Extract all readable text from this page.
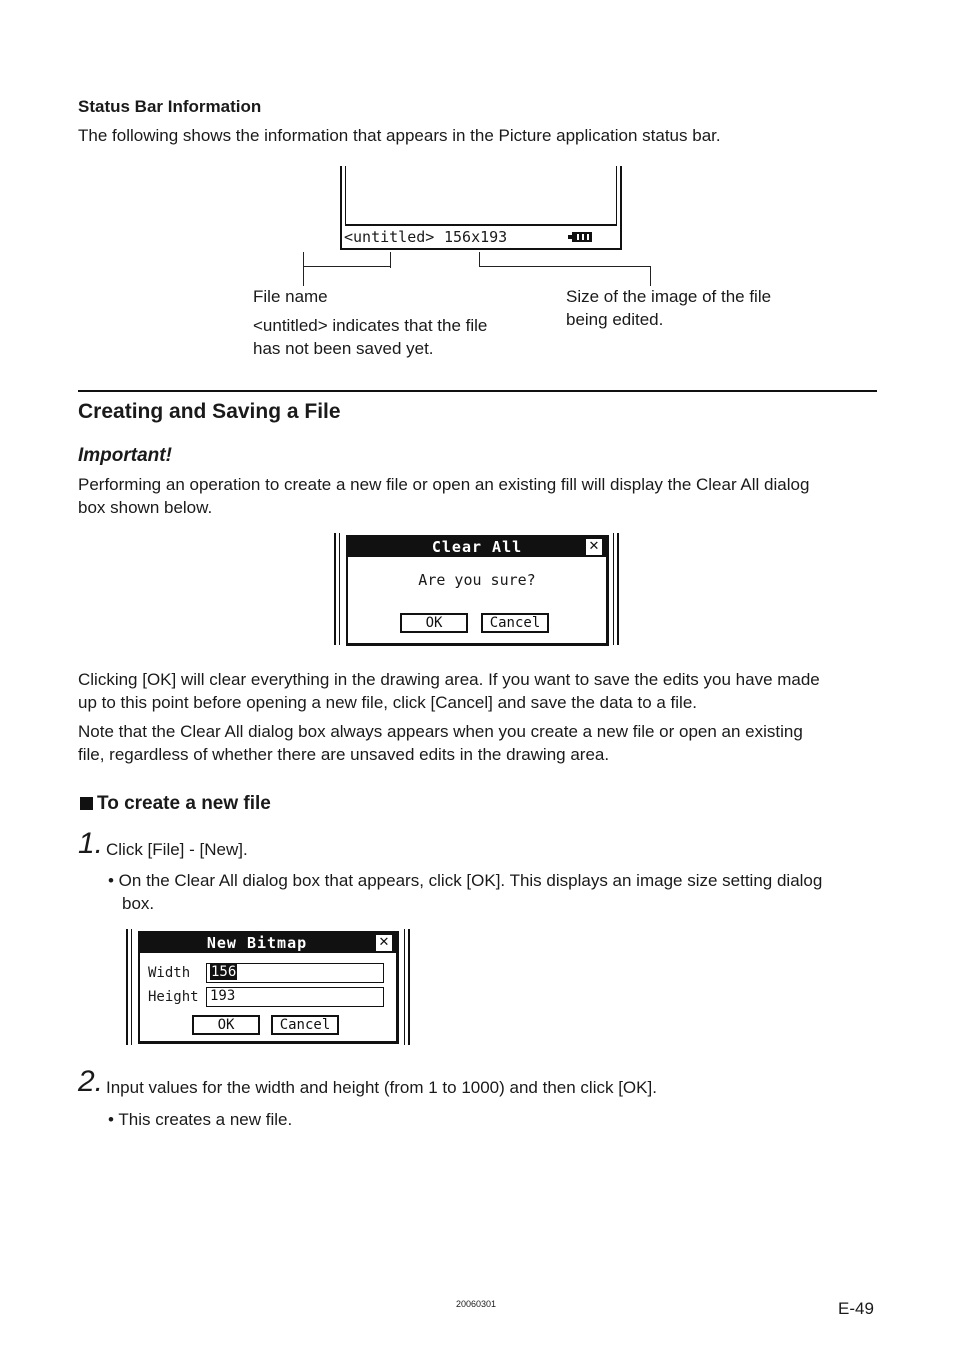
Status Bar Information
The following shows the information that appears in the Picture application status bar.
<untitled> 156x193
File name
<untitled> indicates that the file
has not been saved yet.
Size of the image of the file
being edited.
Creating and Saving a File
Important!
Performing an operation to create a new file or open an existing fill will display the Clear All dialog
box shown below.
Clear All	✕
Are you sure?
OK	Cancel
Clicking [OK] will clear everything in the drawing area. If you want to save the edits you have made
up to this point before opening a new file, click [Cancel] and save the data to a file.
Note that the Clear All dialog box always appears when you create a new file or open an existing
file, regardless of whether there are unsaved edits in the drawing area.
To create a new file
1. Click [File] - [New].
• On the Clear All dialog box that appears, click [OK]. This displays an image size setting dialog
box.
New Bitmap	✕
Width	156
Height 193
OK	Cancel
2. Input values for the width and height (from 1 to 1000) and then click [OK].
• This creates a new file.
20060301	E-49
